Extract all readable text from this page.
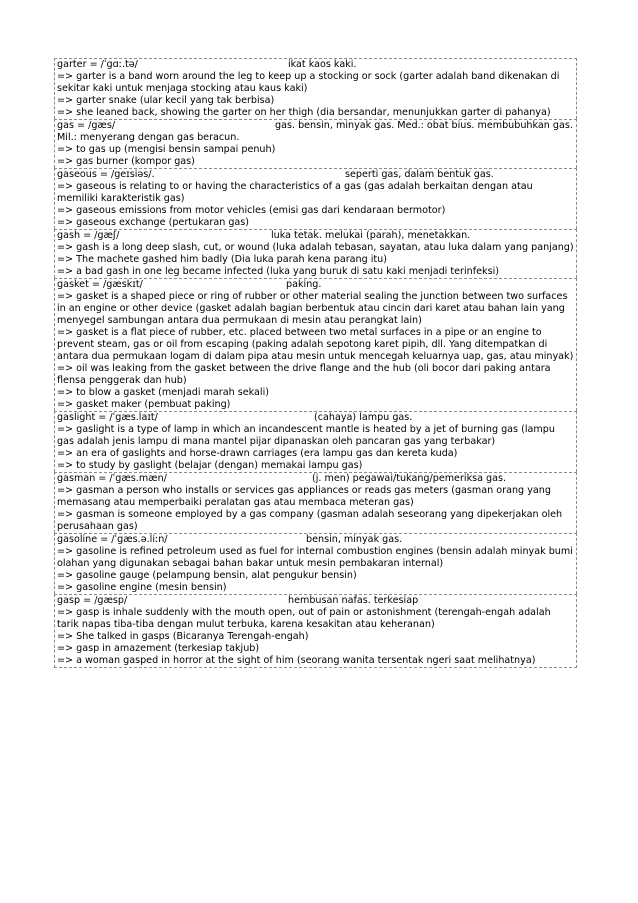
garter = /ˈgɑː.tə/	ikat kaos kaki.
=> garter is a band worn around the leg to keep up a stocking or sock (garter adalah band dikenakan di sekitar kaki untuk menjaga stocking atau kaus kaki)
=> garter snake (ular kecil yang tak berbisa)
=> she leaned back, showing the garter on her thigh (dia bersandar, menunjukkan garter di pahanya)
gas = /gæs/	gas. bensin, minyak gas. Med.: obat bius. membubuhkan gas.
Mil.: menyerang dengan gas beracun.
=> to gas up (mengisi bensin sampai penuh)
=> gas burner (kompor gas)
gaseous = /geɪsiəs/.	seperti gas, dalam bentuk gas.
=> gaseous is relating to or having the characteristics of a gas (gas adalah berkaitan dengan atau memiliki karakteristik gas)
=> gaseous emissions from motor vehicles (emisi gas dari kendaraan bermotor)
=> gaseous exchange (pertukaran gas)
gash = /gæʃ/	luka tetak. melukai (parah), menetakkan.
=> gash is a long deep slash, cut, or wound (luka adalah tebasan, sayatan, atau luka dalam yang panjang)
=> The machete gashed him badly (Dia luka parah kena parang itu)
=> a bad gash in one leg became infected (luka yang buruk di satu kaki menjadi terinfeksi)
gasket = /gæskɪt/	paking.
=> gasket is a shaped piece or ring of rubber or other material sealing the junction between two surfaces in an engine or other device (gasket adalah bagian berbentuk atau cincin dari karet atau bahan lain yang menyegel sambungan antara dua permukaan di mesin atau perangkat lain)
=> gasket is a flat piece of rubber, etc. placed between two metal surfaces in a pipe or an engine to prevent steam, gas or oil from escaping (paking adalah sepotong karet pipih, dll. Yang ditempatkan di antara dua permukaan logam di dalam pipa atau mesin untuk mencegah keluarnya uap, gas, atau minyak)
=> oil was leaking from the gasket between the drive flange and the hub (oli bocor dari paking antara flensa penggerak dan hub)
=> to blow a gasket (menjadi marah sekali)
=> gasket maker (pembuat paking)
gaslight = /ˈgæs.laɪt/	(cahaya) lampu gas.
=> gaslight is a type of lamp in which an incandescent mantle is heated by a jet of burning gas (lampu gas adalah jenis lampu di mana mantel pijar dipanaskan oleh pancaran gas yang terbakar)
=> an era of gaslights and horse-drawn carriages (era lampu gas dan kereta kuda)
=> to study by gaslight (belajar (dengan) memakai lampu gas)
gasman = /ˈgæs.mæn/	(j. men) pegawai/tukang/pemeriksa gas.
=> gasman a person who installs or services gas appliances or reads gas meters (gasman orang yang memasang atau memperbaiki peralatan gas atau membaca meteran gas)
=> gasman is someone employed by a gas company (gasman adalah seseorang yang dipekerjakan oleh perusahaan gas)
gasoline = /ˈgæs.ə.liːn/	bensin, minyak gas.
=> gasoline is refined petroleum used as fuel for internal combustion engines (bensin adalah minyak bumi olahan yang digunakan sebagai bahan bakar untuk mesin pembakaran internal)
=> gasoline gauge (pelampung bensin, alat pengukur bensin)
=> gasoline engine (mesin bensin)
gasp = /gæsp/	hembusan nafas. terkesiap
=> gasp is inhale suddenly with the mouth open, out of pain or astonishment (terengah-engah adalah tarik napas tiba-tiba dengan mulut terbuka, karena kesakitan atau keheranan)
=> She talked in gasps (Bicaranya Terengah-engah)
=> gasp in amazement (terkesiap takjub)
=> a woman gasped in horror at the sight of him (seorang wanita tersentak ngeri saat melihatnya)
